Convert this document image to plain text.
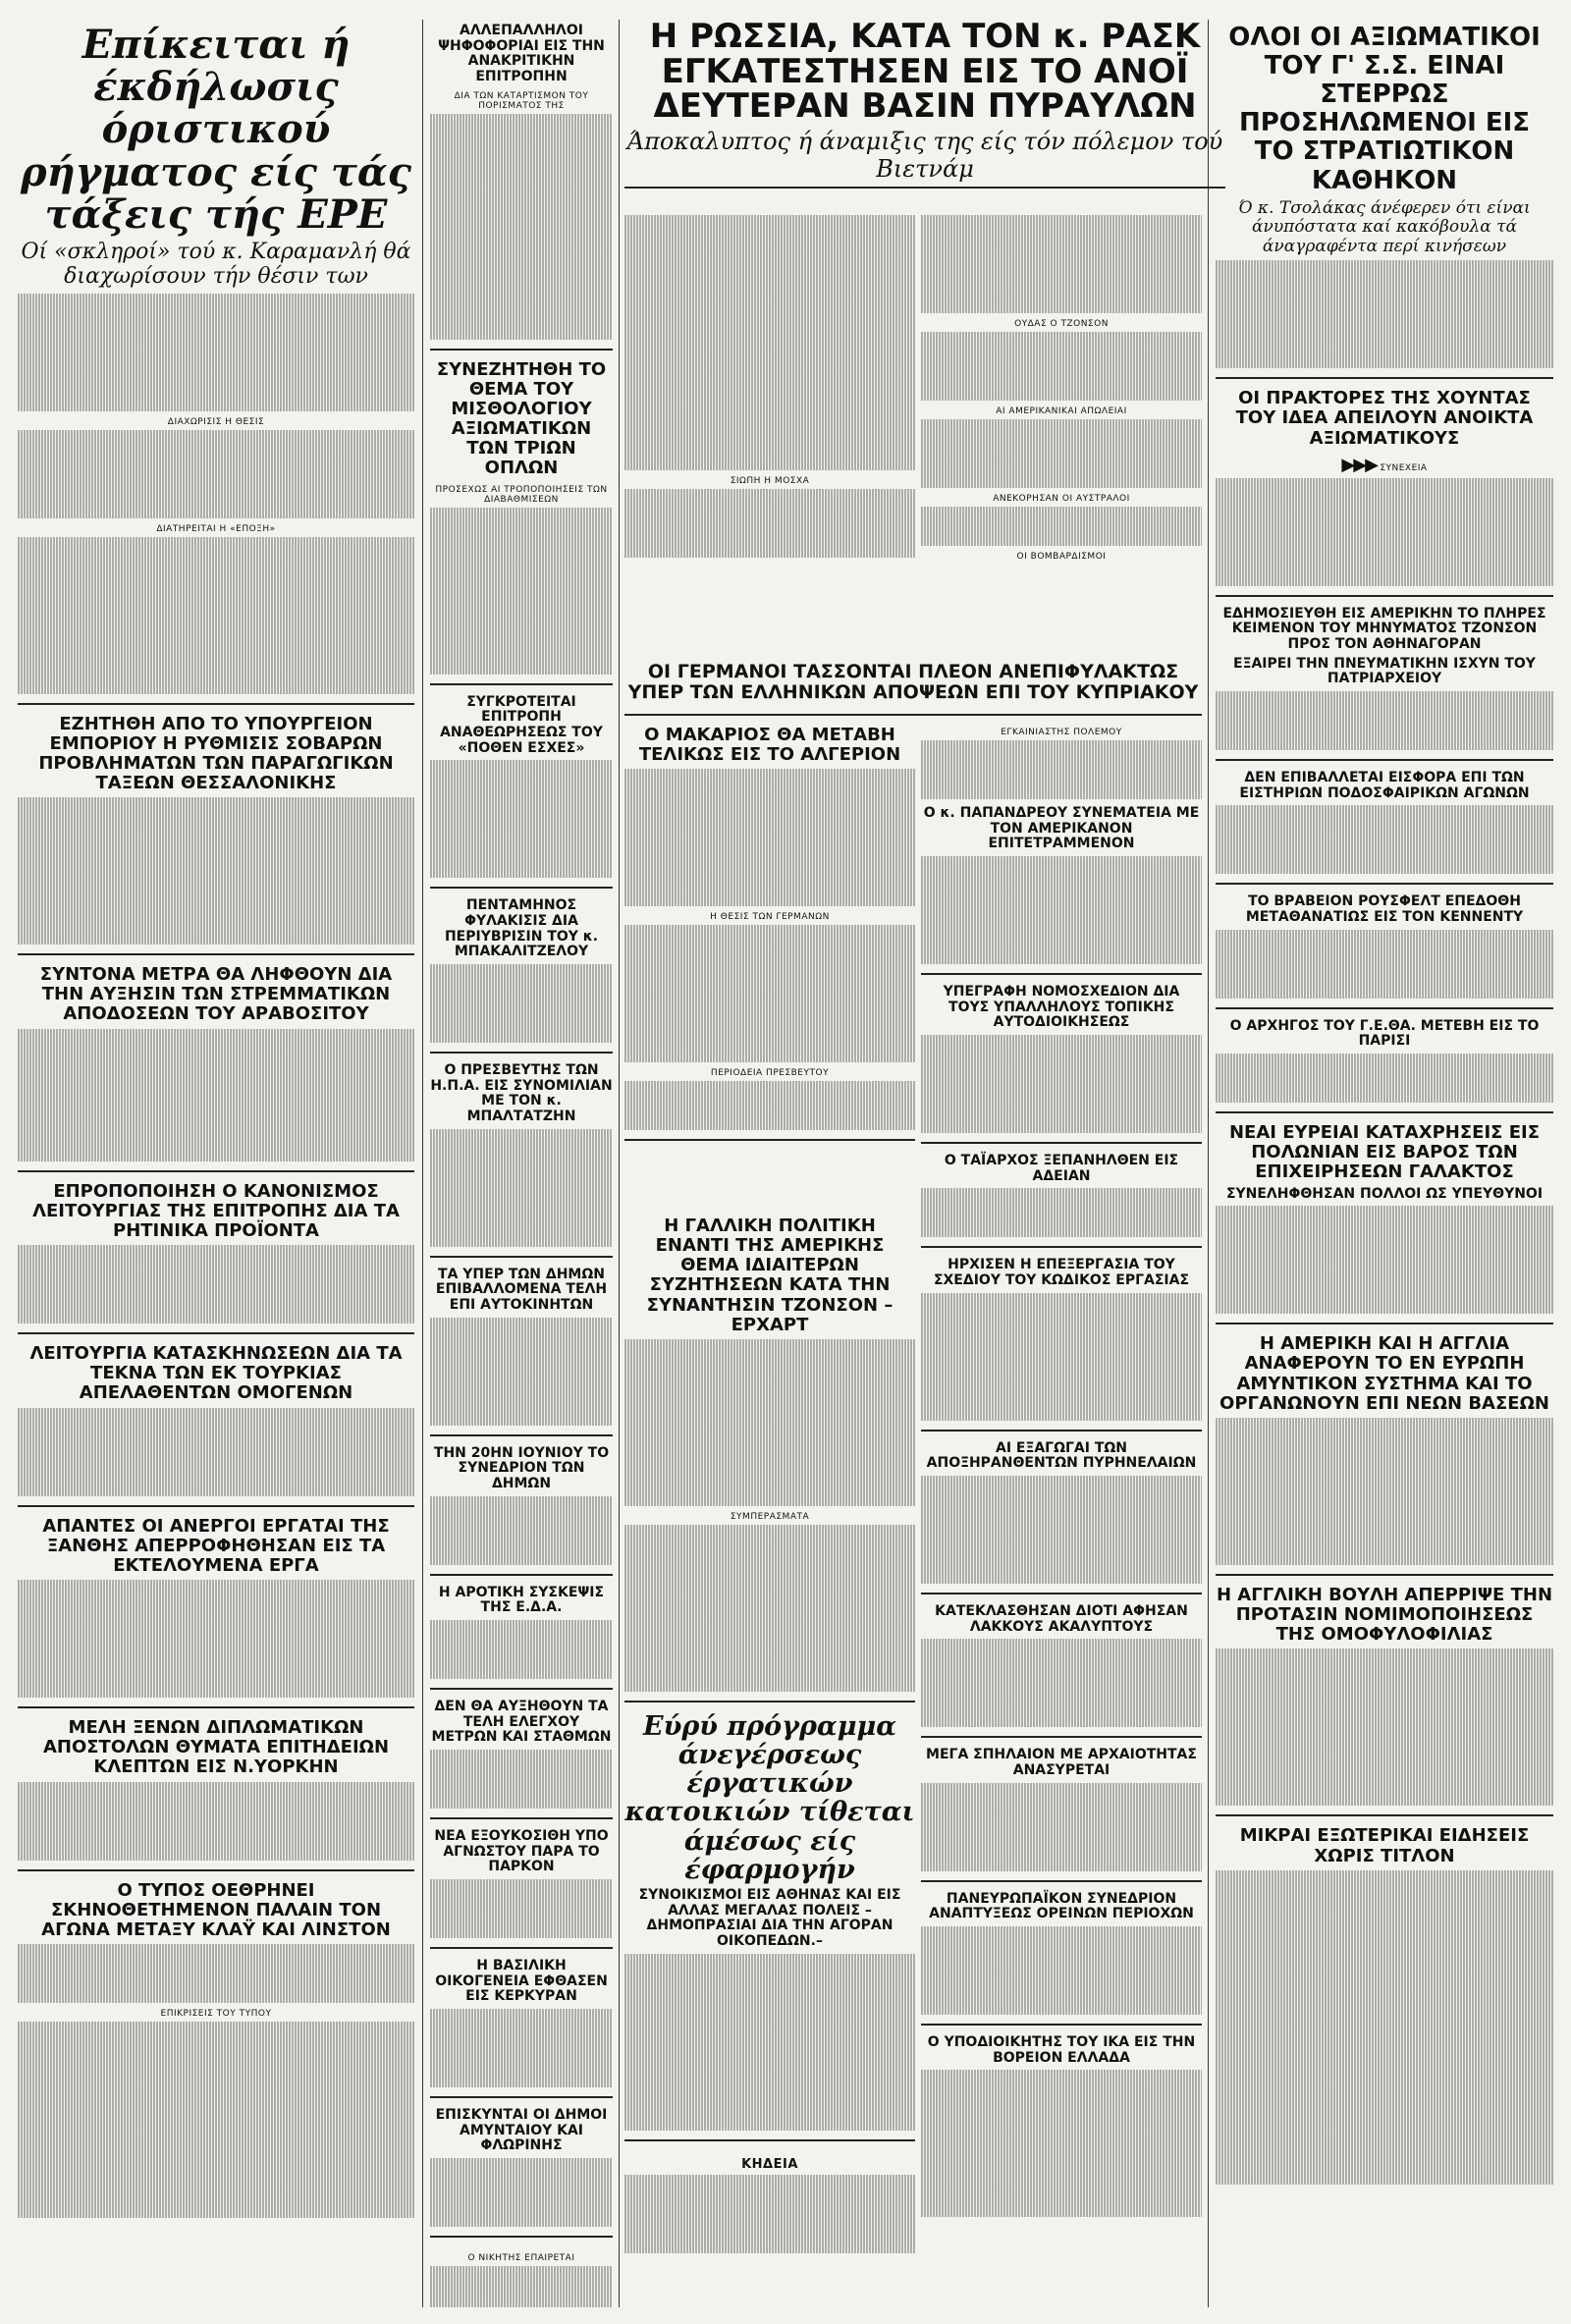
Επίκειται ή έκδήλωσις όριστικού ρήγματος είς τάς τάξεις τής ΕΡΕ
Οί «σκληροί» τού κ. Καραμανλή θά διαχωρίσουν τήν θέσιν των
ΔΙΑΧΩΡΙΣΙΣ Η ΘΕΣΙΣ
ΔΙΑΤΗΡΕΙΤΑΙ Η «ΕΠΟΞΗ»
ΕΖΗΤΗΘΗ ΑΠΟ ΤΟ ΥΠΟΥΡΓΕΙΟΝ ΕΜΠΟΡΙΟΥ Η ΡΥΘΜΙΣΙΣ ΣΟΒΑΡΩΝ ΠΡΟΒΛΗΜΑΤΩΝ ΤΩΝ ΠΑΡΑΓΩΓΙΚΩΝ ΤΑΞΕΩΝ ΘΕΣΣΑΛΟΝΙΚΗΣ
ΣΥΝΤΟΝΑ ΜΕΤΡΑ ΘΑ ΛΗΦΘΟΥΝ ΔΙΑ ΤΗΝ ΑΥΞΗΣΙΝ ΤΩΝ ΣΤΡΕΜΜΑΤΙΚΩΝ ΑΠΟΔΟΣΕΩΝ ΤΟΥ ΑΡΑΒΟΣΙΤΟΥ
ΕΠΡΟΠΟΠΟΙΗΣΗ Ο ΚΑΝΟΝΙΣΜΟΣ ΛΕΙΤΟΥΡΓΙΑΣ ΤΗΣ ΕΠΙΤΡΟΠΗΣ ΔΙΑ ΤΑ ΡΗΤΙΝΙΚΑ ΠΡΟΪΟΝΤΑ
ΛΕΙΤΟΥΡΓΙΑ ΚΑΤΑΣΚΗΝΩΣΕΩΝ ΔΙΑ ΤΑ ΤΕΚΝΑ ΤΩΝ ΕΚ ΤΟΥΡΚΙΑΣ ΑΠΕΛΑΘΕΝΤΩΝ ΟΜΟΓΕΝΩΝ
ΑΠΑΝΤΕΣ ΟΙ ΑΝΕΡΓΟΙ ΕΡΓΑΤΑΙ ΤΗΣ ΞΑΝΘΗΣ ΑΠΕΡΡΟΦΗΘΗΣΑΝ ΕΙΣ ΤΑ ΕΚΤΕΛΟΥΜΕΝΑ ΕΡΓΑ
ΜΕΛΗ ΞΕΝΩΝ ΔΙΠΛΩΜΑΤΙΚΩΝ ΑΠΟΣΤΟΛΩΝ ΘΥΜΑΤΑ ΕΠΙΤΗΔΕΙΩΝ ΚΛΕΠΤΩΝ ΕΙΣ Ν.ΥΟΡΚΗΝ
Ο ΤΥΠΟΣ ΟΕΘΡΗΝΕΙ ΣΚΗΝΟΘΕΤΗΜΕΝΟΝ ΠΑΛΑΙΝ ΤΟΝ ΑΓΩΝΑ ΜΕΤΑΞΥ ΚΛΑΫ ΚΑΙ ΛΙΝΣΤΟΝ
ΕΠΙΚΡΙΣΕΙΣ ΤΟΥ ΤΥΠΟΥ
ΑΛΛΕΠΑΛΛΗΛΟΙ ΨΗΦΟΦΟΡΙΑΙ ΕΙΣ ΤΗΝ ΑΝΑΚΡΙΤΙΚΗΝ ΕΠΙΤΡΟΠΗΝ
ΔΙΑ ΤΩΝ ΚΑΤΑΡΤΙΣΜΟΝ ΤΟΥ ΠΟΡΙΣΜΑΤΟΣ ΤΗΣ
ΣΥΝΕΖΗΤΗΘΗ ΤΟ ΘΕΜΑ ΤΟΥ ΜΙΣΘΟΛΟΓΙΟΥ ΑΞΙΩΜΑΤΙΚΩΝ ΤΩΝ ΤΡΙΩΝ ΟΠΛΩΝ
ΠΡΟΣΕΧΩΣ ΑΙ ΤΡΟΠΟΠΟΙΗΣΕΙΣ ΤΩΝ ΔΙΑΒΑΘΜΙΣΕΩΝ
ΣΥΓΚΡΟΤΕΙΤΑΙ ΕΠΙΤΡΟΠΗ ΑΝΑΘΕΩΡΗΣΕΩΣ ΤΟΥ «ΠΟΘΕΝ ΕΣΧΕΣ»
ΠΕΝΤΑΜΗΝΟΣ ΦΥΛΑΚΙΣΙΣ ΔΙΑ ΠΕΡΙΥΒΡΙΣΙΝ ΤΟΥ κ. ΜΠΑΚΑΛΙΤΖΕΛΟΥ
Ο ΠΡΕΣΒΕΥΤΗΣ ΤΩΝ Η.Π.Α. ΕΙΣ ΣΥΝΟΜΙΛΙΑΝ ΜΕ ΤΟΝ κ. ΜΠΑΛΤΑΤΖΗΝ
ΤΑ ΥΠΕΡ ΤΩΝ ΔΗΜΩΝ ΕΠΙΒΑΛΛΟΜΕΝΑ ΤΕΛΗ ΕΠΙ ΑΥΤΟΚΙΝΗΤΩΝ
ΤΗΝ 20ΗΝ ΙΟΥΝΙΟΥ ΤΟ ΣΥΝΕΔΡΙΟΝ ΤΩΝ ΔΗΜΩΝ
Η ΑΡΟΤΙΚΗ ΣΥΣΚΕΨΙΣ ΤΗΣ Ε.Δ.Α.
ΔΕΝ ΘΑ ΑΥΞΗΘΟΥΝ ΤΑ ΤΕΛΗ ΕΛΕΓΧΟΥ ΜΕΤΡΩΝ ΚΑΙ ΣΤΑΘΜΩΝ
ΝΕΑ ΕΞΟΥΚΟΣΙΘΗ ΥΠΟ ΑΓΝΩΣΤΟΥ ΠΑΡΑ ΤΟ ΠΑΡΚΟΝ
Η ΒΑΣΙΛΙΚΗ ΟΙΚΟΓΕΝΕΙΑ ΕΦΘΑΣΕΝ ΕΙΣ ΚΕΡΚΥΡΑΝ
ΕΠΙΣΚΥΝΤΑΙ ΟΙ ΔΗΜΟΙ ΑΜΥΝΤΑΙΟΥ ΚΑΙ ΦΛΩΡΙΝΗΣ
Ο ΝΙΚΗΤΗΣ ΕΠΑΙΡΕΤΑΙ
Η ΡΩΣΣΙΑ, ΚΑΤΑ ΤΟΝ κ. ΡΑΣΚ ΕΓΚΑΤΕΣΤΗΣΕΝ ΕΙΣ ΤΟ ΑΝΟΪ ΔΕΥΤΕΡΑΝ ΒΑΣΙΝ ΠΥΡΑΥΛΩΝ
Άποκαλυπτος ή άναμιξις της είς τόν πόλεμον τού Βιετνάμ
ΣΙΩΠΗ Η ΜΟΣΧΑ
ΟΥΔΑΣ Ο ΤΖΟΝΣΟΝ
ΑΙ ΑΜΕΡΙΚΑΝΙΚΑΙ ΑΠΩΛΕΙΑΙ
ΑΝΕΚΟΡΗΣΑΝ ΟΙ ΑΥΣΤΡΑΛΟΙ
ΟΙ ΒΟΜΒΑΡΔΙΣΜΟΙ
ΟΙ ΓΕΡΜΑΝΟΙ ΤΑΣΣΟΝΤΑΙ ΠΛΕΟΝ ΑΝΕΠΙΦΥΛΑΚΤΩΣ ΥΠΕΡ ΤΩΝ ΕΛΛΗΝΙΚΩΝ ΑΠΟΨΕΩΝ ΕΠΙ ΤΟΥ ΚΥΠΡΙΑΚΟΥ
Ο ΜΑΚΑΡΙΟΣ ΘΑ ΜΕΤΑΒΗ ΤΕΛΙΚΩΣ ΕΙΣ ΤΟ ΑΛΓΕΡΙΟΝ
Η ΘΕΣΙΣ ΤΩΝ ΓΕΡΜΑΝΩΝ
ΠΕΡΙΟΔΕΙΑ ΠΡΕΣΒΕΥΤΟΥ
ΕΓΚΑΙΝΙΑΣΤΗΣ ΠΟΛΕΜΟΥ
Ο κ. ΠΑΠΑΝΔΡΕΟΥ ΣΥΝΕΜΑΤΕΙΑ ΜΕ ΤΟΝ ΑΜΕΡΙΚΑΝΟΝ ΕΠΙΤΕΤΡΑΜΜΕΝΟΝ
ΥΠΕΓΡΑΦΗ ΝΟΜΟΣΧΕΔΙΟΝ ΔΙΑ ΤΟΥΣ ΥΠΑΛΛΗΛΟΥΣ ΤΟΠΙΚΗΣ ΑΥΤΟΔΙΟΙΚΗΣΕΩΣ
Ο ΤΑΪΑΡΧΟΣ ΞΕΠΑΝΗΛΘΕΝ ΕΙΣ ΑΔΕΙΑΝ
ΗΡΧΙΣΕΝ Η ΕΠΕΞΕΡΓΑΣΙΑ ΤΟΥ ΣΧΕΔΙΟΥ ΤΟΥ ΚΩΔΙΚΟΣ ΕΡΓΑΣΙΑΣ
ΑΙ ΕΞΑΓΩΓΑΙ ΤΩΝ ΑΠΟΞΗΡΑΝΘΕΝΤΩΝ ΠΥΡΗΝΕΛΑΙΩΝ
ΚΑΤΕΚΛΑΣΘΗΣΑΝ ΔΙΟΤΙ ΑΦΗΣΑΝ ΛΑΚΚΟΥΣ ΑΚΑΛΥΠΤΟΥΣ
ΜΕΓΑ ΣΠΗΛΑΙΟΝ ΜΕ ΑΡΧΑΙΟΤΗΤΑΣ ΑΝΑΣΥΡΕΤΑΙ
ΠΑΝΕΥΡΩΠΑΪΚΟΝ ΣΥΝΕΔΡΙΟΝ ΑΝΑΠΤΥΞΕΩΣ ΟΡΕΙΝΩΝ ΠΕΡΙΟΧΩΝ
Ο ΥΠΟΔΙΟΙΚΗΤΗΣ ΤΟΥ ΙΚΑ ΕΙΣ ΤΗΝ ΒΟΡΕΙΟΝ ΕΛΛΑΔΑ
Η ΓΑΛΛΙΚΗ ΠΟΛΙΤΙΚΗ ΕΝΑΝΤΙ ΤΗΣ ΑΜΕΡΙΚΗΣ ΘΕΜΑ ΙΔΙΑΙΤΕΡΩΝ ΣΥΖΗΤΗΣΕΩΝ ΚΑΤΑ ΤΗΝ ΣΥΝΑΝΤΗΣΙΝ ΤΖΟΝΣΟΝ – ΕΡΧΑΡΤ
ΣΥΜΠΕΡΑΣΜΑΤΑ
Εύρύ πρόγραμμα άνεγέρσεως έργατικών κατοικιών τίθεται άμέσως είς έφαρμογήν
ΣΥΝΟΙΚΙΣΜΟΙ ΕΙΣ ΑΘΗΝΑΣ ΚΑΙ ΕΙΣ ΑΛΛΑΣ ΜΕΓΑΛΑΣ ΠΟΛΕΙΣ – ΔΗΜΟΠΡΑΣΙΑΙ ΔΙΑ ΤΗΝ ΑΓΟΡΑΝ ΟΙΚΟΠΕΔΩΝ.–
ΚΗΔΕΙΑ
ΟΛΟΙ ΟΙ ΑΞΙΩΜΑΤΙΚΟΙ ΤΟΥ Γ' Σ.Σ. ΕΙΝΑΙ ΣΤΕΡΡΩΣ ΠΡΟΣΗΛΩΜΕΝΟΙ ΕΙΣ ΤΟ ΣΤΡΑΤΙΩΤΙΚΟΝ ΚΑΘΗΚΟΝ
Ό κ. Τσολάκας άνέφερεν ότι είναι άνυπόστατα καί κακόβουλα τά άναγραφέντα περί κινήσεων
ΟΙ ΠΡΑΚΤΟΡΕΣ ΤΗΣ ΧΟΥΝΤΑΣ ΤΟΥ ΙΔΕΑ ΑΠΕΙΛΟΥΝ ΑΝΟΙΚΤΑ ΑΞΙΩΜΑΤΙΚΟΥΣ
▶▶▶ ΣΥΝΕΧΕΙΑ
ΕΔΗΜΟΣΙΕΥΘΗ ΕΙΣ ΑΜΕΡΙΚΗΝ ΤΟ ΠΛΗΡΕΣ ΚΕΙΜΕΝΟΝ ΤΟΥ ΜΗΝΥΜΑΤΟΣ ΤΖΟΝΣΟΝ ΠΡΟΣ ΤΟΝ ΑΘΗΝΑΓΟΡΑΝ
ΕΞΑΙΡΕΙ ΤΗΝ ΠΝΕΥΜΑΤΙΚΗΝ ΙΣΧΥΝ ΤΟΥ ΠΑΤΡΙΑΡΧΕΙΟΥ
ΔΕΝ ΕΠΙΒΑΛΛΕΤΑΙ ΕΙΣΦΟΡΑ ΕΠΙ ΤΩΝ ΕΙΣΤΗΡΙΩΝ ΠΟΔΟΣΦΑΙΡΙΚΩΝ ΑΓΩΝΩΝ
ΤΟ ΒΡΑΒΕΙΟΝ ΡΟΥΣΦΕΛΤ ΕΠΕΔΟΘΗ ΜΕΤΑΘΑΝΑΤΙΩΣ ΕΙΣ ΤΟΝ ΚΕΝΝΕΝΤΥ
Ο ΑΡΧΗΓΟΣ ΤΟΥ Γ.Ε.ΘΑ. ΜΕΤΕΒΗ ΕΙΣ ΤΟ ΠΑΡΙΣΙ
ΝΕΑΙ ΕΥΡΕΙΑΙ ΚΑΤΑΧΡΗΣΕΙΣ ΕΙΣ ΠΟΛΩΝΙΑΝ ΕΙΣ ΒΑΡΟΣ ΤΩΝ ΕΠΙΧΕΙΡΗΣΕΩΝ ΓΑΛΑΚΤΟΣ
ΣΥΝΕΛΗΦΘΗΣΑΝ ΠΟΛΛΟΙ ΩΣ ΥΠΕΥΘΥΝΟΙ
Η ΑΜΕΡΙΚΗ ΚΑΙ Η ΑΓΓΛΙΑ ΑΝΑΦΕΡΟΥΝ ΤΟ ΕΝ ΕΥΡΩΠΗ ΑΜΥΝΤΙΚΟΝ ΣΥΣΤΗΜΑ ΚΑΙ ΤΟ ΟΡΓΑΝΩΝΟΥΝ ΕΠΙ ΝΕΩΝ ΒΑΣΕΩΝ
Η ΑΓΓΛΙΚΗ ΒΟΥΛΗ ΑΠΕΡΡΙΨΕ ΤΗΝ ΠΡΟΤΑΣΙΝ ΝΟΜΙΜΟΠΟΙΗΣΕΩΣ ΤΗΣ ΟΜΟΦΥΛΟΦΙΛΙΑΣ
ΜΙΚΡΑΙ ΕΞΩΤΕΡΙΚΑΙ ΕΙΔΗΣΕΙΣ ΧΩΡΙΣ ΤΙΤΛΟΝ
